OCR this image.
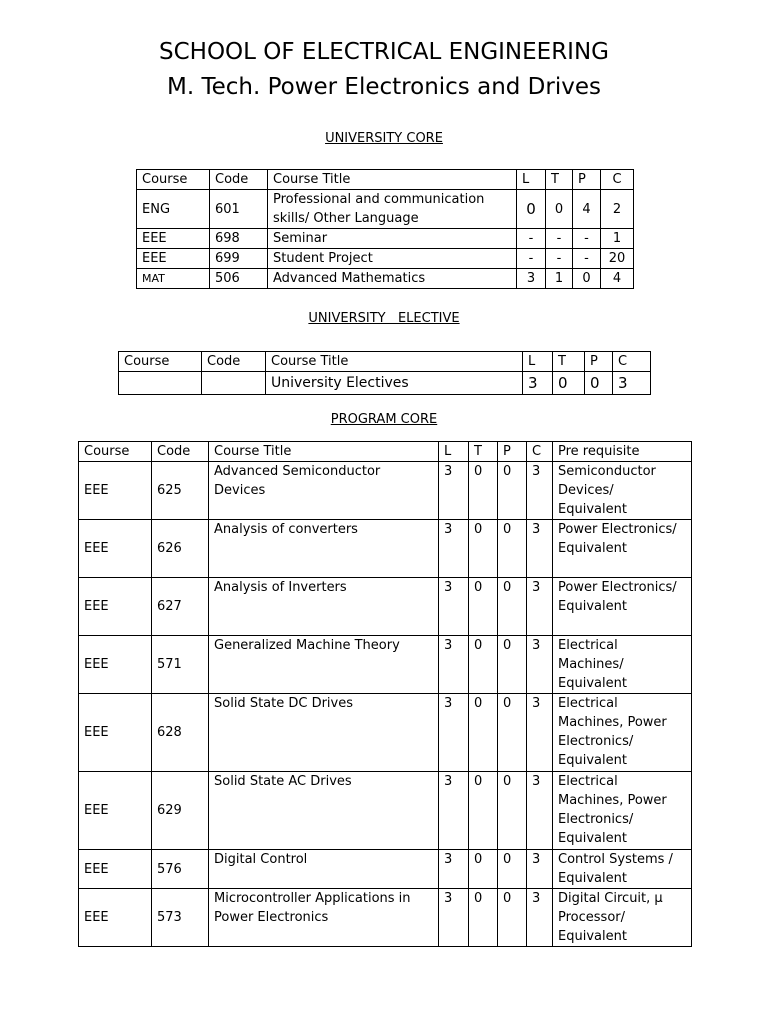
SCHOOL OF ELECTRICAL ENGINEERING
M. Tech. Power Electronics and Drives
UNIVERSITY CORE
Course	Code	Course Title	L	T	P	C
ENG	601	Professional and communication skills/ Other Language	0	0	4	2
EEE	698	Seminar	-	-	-	1
EEE	699	Student Project	-	-	-	20
MAT	506	Advanced Mathematics	3	1	0	4
UNIVERSITY   ELECTIVE
Course	Code	Course Title	L	T	P	C
		University Electives	3	0	0	3
PROGRAM CORE
Course	Code	Course Title	L	T	P	C	Pre requisite
EEE	625	Advanced Semiconductor Devices	3	0	0	3	Semiconductor Devices/ Equivalent
EEE	626	Analysis of converters	3	0	0	3	Power Electronics/ Equivalent
EEE	627	Analysis of Inverters	3	0	0	3	Power Electronics/ Equivalent
EEE	571	Generalized Machine Theory	3	0	0	3	Electrical Machines/ Equivalent
EEE	628	Solid State DC Drives	3	0	0	3	Electrical Machines, Power Electronics/ Equivalent
EEE	629	Solid State AC Drives	3	0	0	3	Electrical Machines, Power Electronics/ Equivalent
EEE	576	Digital Control	3	0	0	3	Control Systems / Equivalent
EEE	573	Microcontroller Applications in Power Electronics	3	0	0	3	Digital Circuit, μ Processor/ Equivalent
